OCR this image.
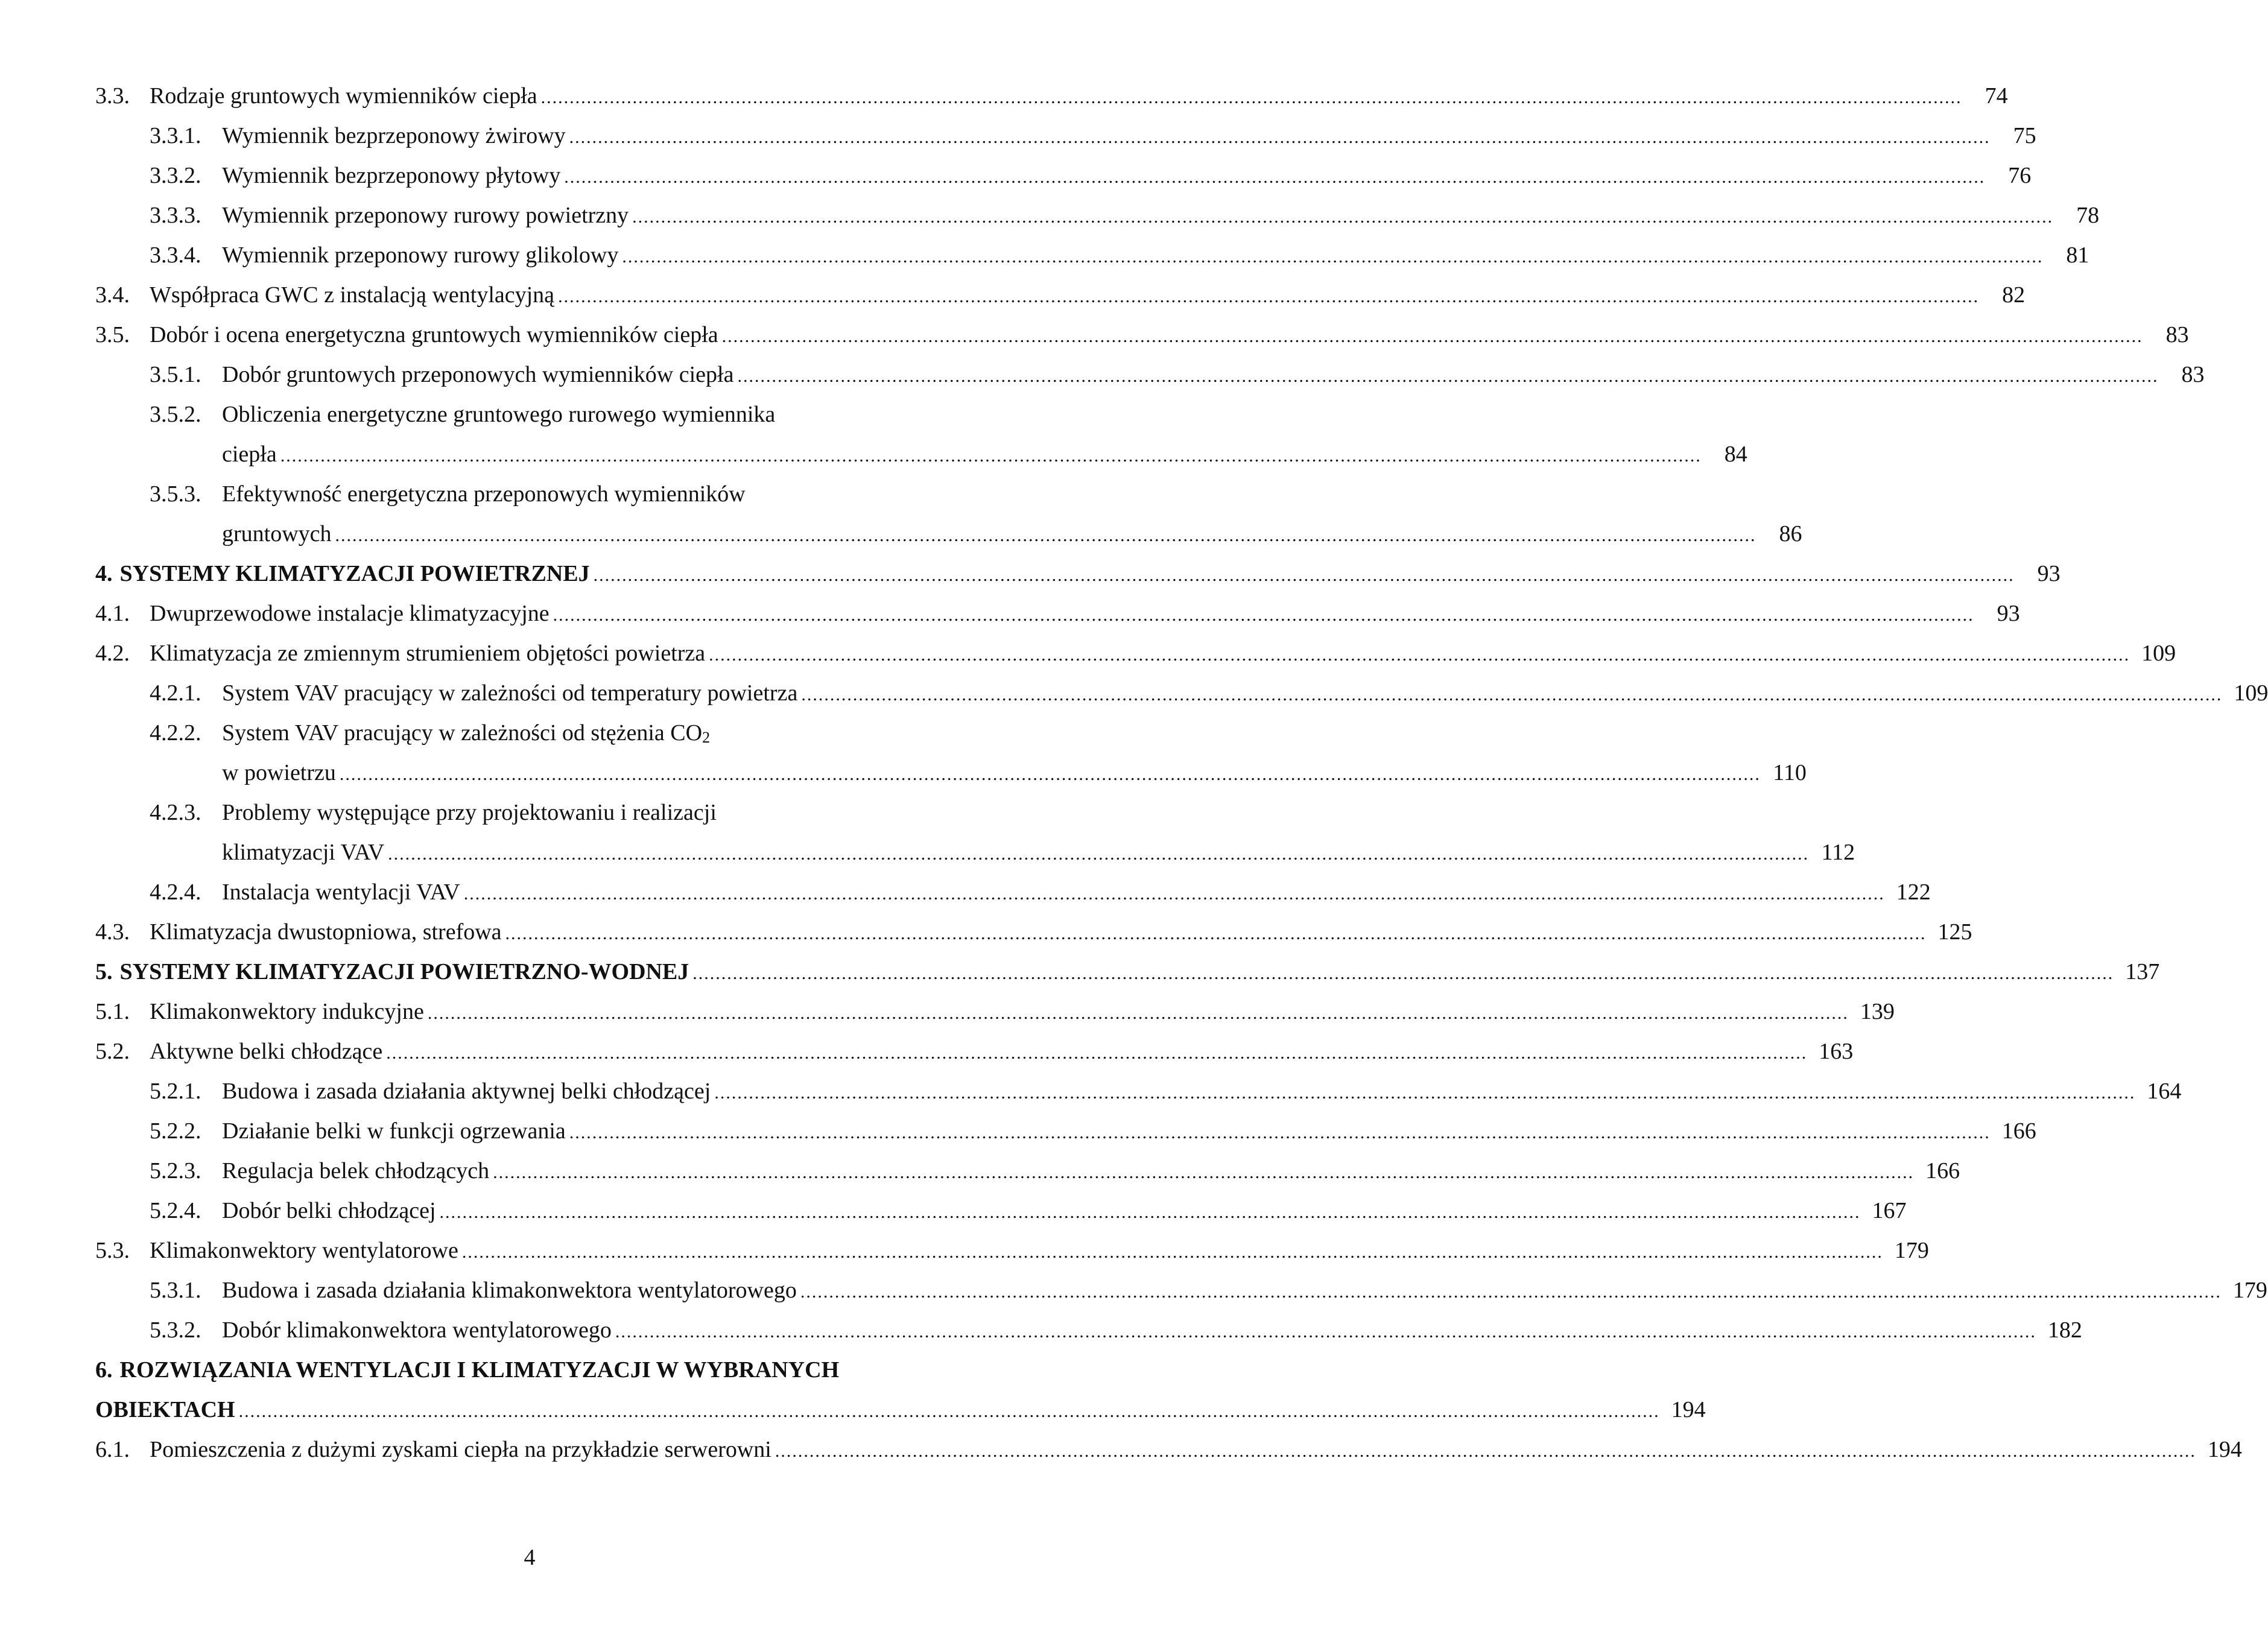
3.3. Rodzaje gruntowych wymienników ciepła .....	74
3.3.1. Wymiennik bezprzeponowy żwirowy .....	75
3.3.2. Wymiennik bezprzeponowy płytowy .....	76
3.3.3. Wymiennik przeponowy rurowy powietrzny .....	78
3.3.4. Wymiennik przeponowy rurowy glikolowy .....	81
3.4. Współpraca GWC z instalacją wentylacyjną .....	82
3.5. Dobór i ocena energetyczna gruntowych wymienników ciepła .....	83
3.5.1. Dobór gruntowych przeponowych wymienników ciepła .....	83
3.5.2. Obliczenia energetyczne gruntowego rurowego wymiennika
ciepła .....	84
3.5.3. Efektywność energetyczna przeponowych wymienników
gruntowych .....	86
4. SYSTEMY KLIMATYZACJI POWIETRZNEJ .....	93
4.1. Dwuprzewodowe instalacje klimatyzacyjne .....	93
4.2. Klimatyzacja ze zmiennym strumieniem objętości powietrza .....	109
4.2.1. System VAV pracujący w zależności od temperatury powietrza .....	109
4.2.2. System VAV pracujący w zależności od stężenia $CO_2$
w powietrzu .....	110
4.2.3. Problemy występujące przy projektowaniu i realizacji
klimatyzacji VAV .....	112
4.2.4. Instalacja wentylacji VAV .....	122
4.3. Klimatyzacja dwustopniowa, strefowa .....	125
5. SYSTEMY KLIMATYZACJI POWIETRZNO-WODNEJ .....	137
5.1. Klimakonwektory indukcyjne .....	139
5.2. Aktywne belki chłodzące .....	163
5.2.1. Budowa i zasada działania aktywnej belki chłodzącej .....	164
5.2.2. Działanie belki w funkcji ogrzewania .....	166
5.2.3. Regulacja belek chłodzących .....	166
5.2.4. Dobór belki chłodzącej .....	167
5.3. Klimakonwektory wentylatorowe .....	179
5.3.1. Budowa i zasada działania klimakonwektora wentylatorowego .....	179
5.3.2. Dobór klimakonwektora wentylatorowego .....	182
6. ROZWIĄZANIA WENTYLACJI I KLIMATYZACJI W WYBRANYCH
OBIEKTACH .....	194
6.1. Pomieszczenia z dużymi zyskami ciepła na przykładzie serwerowni .....	194
4
